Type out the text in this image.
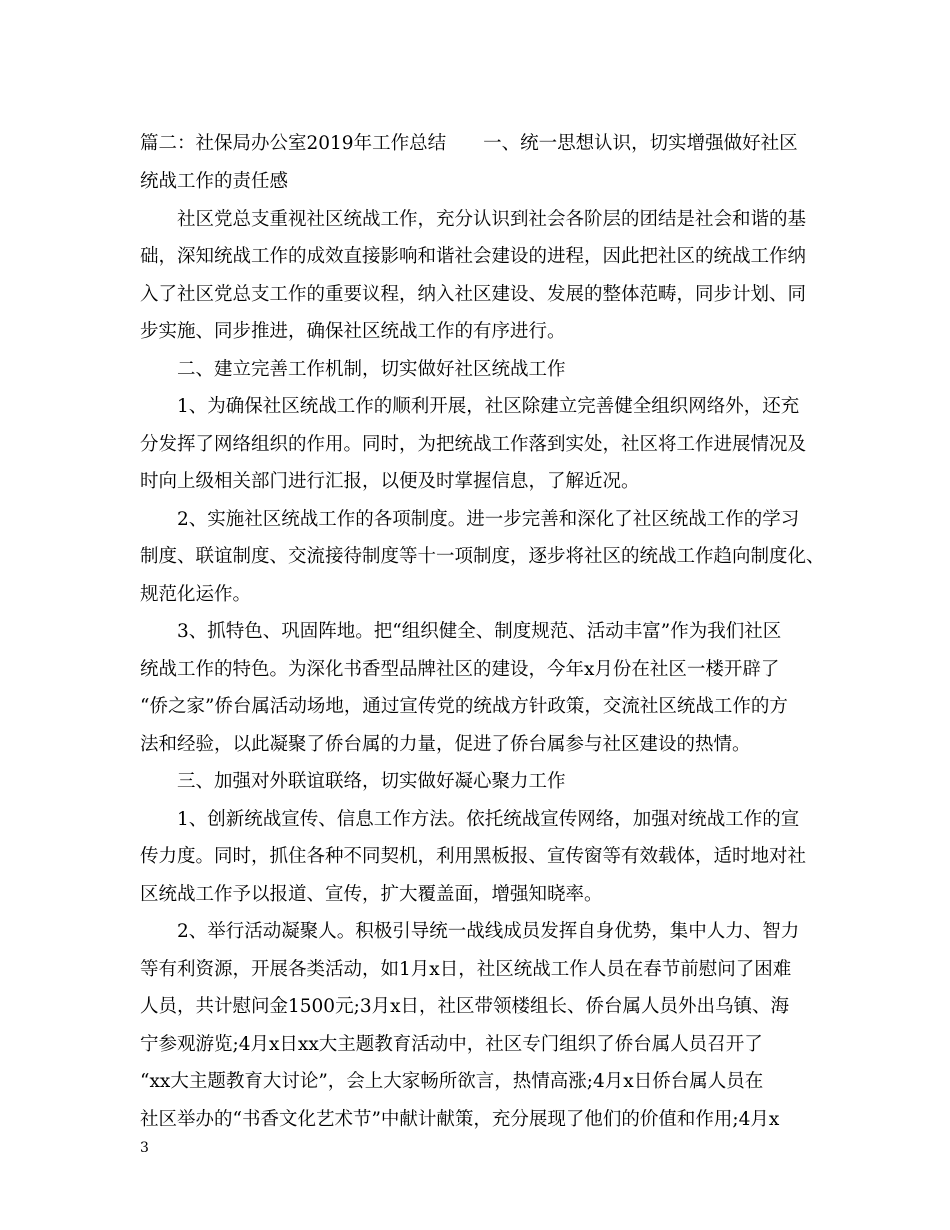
篇二：社保局办公室2019年工作总结　　一、统一思想认识，切实增强做好社区
统战工作的责任感
　　社区党总支重视社区统战工作，充分认识到社会各阶层的团结是社会和谐的基
础，深知统战工作的成效直接影响和谐社会建设的进程，因此把社区的统战工作纳
入了社区党总支工作的重要议程，纳入社区建设、发展的整体范畴，同步计划、同
步实施、同步推进，确保社区统战工作的有序进行。
　　二、建立完善工作机制，切实做好社区统战工作
　　1、为确保社区统战工作的顺利开展，社区除建立完善健全组织网络外，还充
分发挥了网络组织的作用。同时，为把统战工作落到实处，社区将工作进展情况及
时向上级相关部门进行汇报，以便及时掌握信息，了解近况。
　　2、实施社区统战工作的各项制度。进一步完善和深化了社区统战工作的学习
制度、联谊制度、交流接待制度等十一项制度，逐步将社区的统战工作趋向制度化、
规范化运作。
　　3、抓特色、巩固阵地。把“组织健全、制度规范、活动丰富”作为我们社区
统战工作的特色。为深化书香型品牌社区的建设，今年x月份在社区一楼开辟了
“侨之家”侨台属活动场地，通过宣传党的统战方针政策，交流社区统战工作的方
法和经验，以此凝聚了侨台属的力量，促进了侨台属参与社区建设的热情。
　　三、加强对外联谊联络，切实做好凝心聚力工作
　　1、创新统战宣传、信息工作方法。依托统战宣传网络，加强对统战工作的宣
传力度。同时，抓住各种不同契机，利用黑板报、宣传窗等有效载体，适时地对社
区统战工作予以报道、宣传，扩大覆盖面，增强知晓率。
　　2、举行活动凝聚人。积极引导统一战线成员发挥自身优势，集中人力、智力
等有利资源，开展各类活动，如1月x日，社区统战工作人员在春节前慰问了困难
人员，共计慰问金1500元;3月x日，社区带领楼组长、侨台属人员外出乌镇、海
宁参观游览;4月x日xx大主题教育活动中，社区专门组织了侨台属人员召开了
“xx大主题教育大讨论”，会上大家畅所欲言，热情高涨;4月x日侨台属人员在
社区举办的“书香文化艺术节”中献计献策，充分展现了他们的价值和作用;4月x
3
